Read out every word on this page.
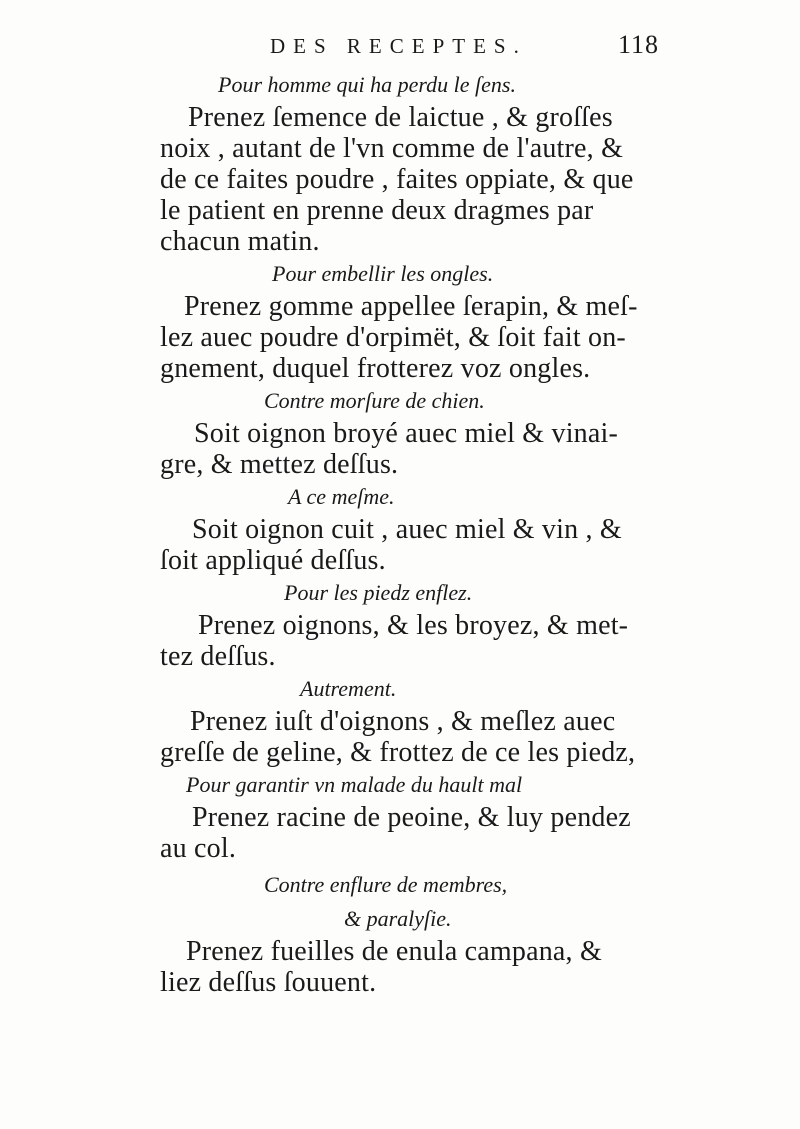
DES RECEPTES.	118
Pour homme qui ha perdu le ſens.
Prenez ſemence de laictue , & groſſes
noix , autant de l'vn comme de l'autre, &
de ce faites poudre , faites oppiate, & que
le patient en prenne deux dragmes par
chacun matin.
Pour embellir les ongles.
Prenez gomme appellee ſerapin, & meſ-
lez auec poudre d'orpimët, & ſoit fait on-
gnement, duquel frotterez voz ongles.
Contre morſure de chien.
Soit oignon broyé auec miel & vinai-
gre, & mettez deſſus.
A ce meſme.
Soit oignon cuit , auec miel & vin , &
ſoit appliqué deſſus.
Pour les piedz enflez.
Prenez oignons, & les broyez, & met-
tez deſſus.
Autrement.
Prenez iuſt d'oignons , & meſlez auec
greſſe de geline, & frottez de ce les piedz,
Pour garantir vn malade du hault mal
Prenez racine de peoine, & luy pendez
au col.
Contre enflure de membres,
& paralyſie.
Prenez fueilles de enula campana, &
liez deſſus ſouuent.
